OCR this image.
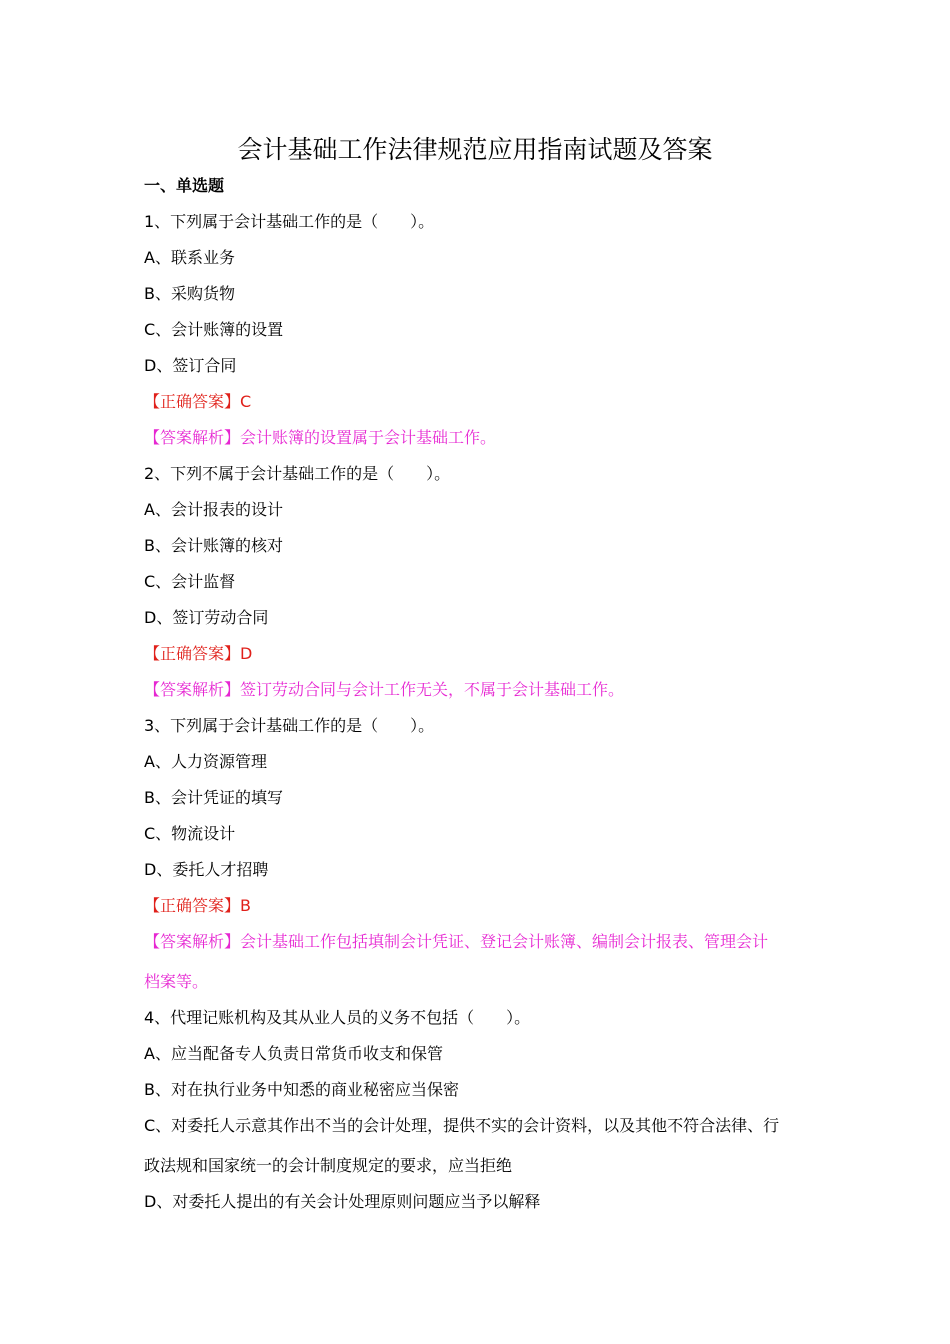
会计基础工作法律规范应用指南试题及答案
一、单选题
1、下列属于会计基础工作的是（　　）。
A、联系业务
B、采购货物
C、会计账簿的设置
D、签订合同
【正确答案】C
【答案解析】会计账簿的设置属于会计基础工作。
2、下列不属于会计基础工作的是（　　）。
A、会计报表的设计
B、会计账簿的核对
C、会计监督
D、签订劳动合同
【正确答案】D
【答案解析】签订劳动合同与会计工作无关，不属于会计基础工作。
3、下列属于会计基础工作的是（　　）。
A、人力资源管理
B、会计凭证的填写
C、物流设计
D、委托人才招聘
【正确答案】B
【答案解析】会计基础工作包括填制会计凭证、登记会计账簿、编制会计报表、管理会计
档案等。
4、代理记账机构及其从业人员的义务不包括（　　）。
A、应当配备专人负责日常货币收支和保管
B、对在执行业务中知悉的商业秘密应当保密
C、对委托人示意其作出不当的会计处理，提供不实的会计资料，以及其他不符合法律、行
政法规和国家统一的会计制度规定的要求，应当拒绝
D、对委托人提出的有关会计处理原则问题应当予以解释
